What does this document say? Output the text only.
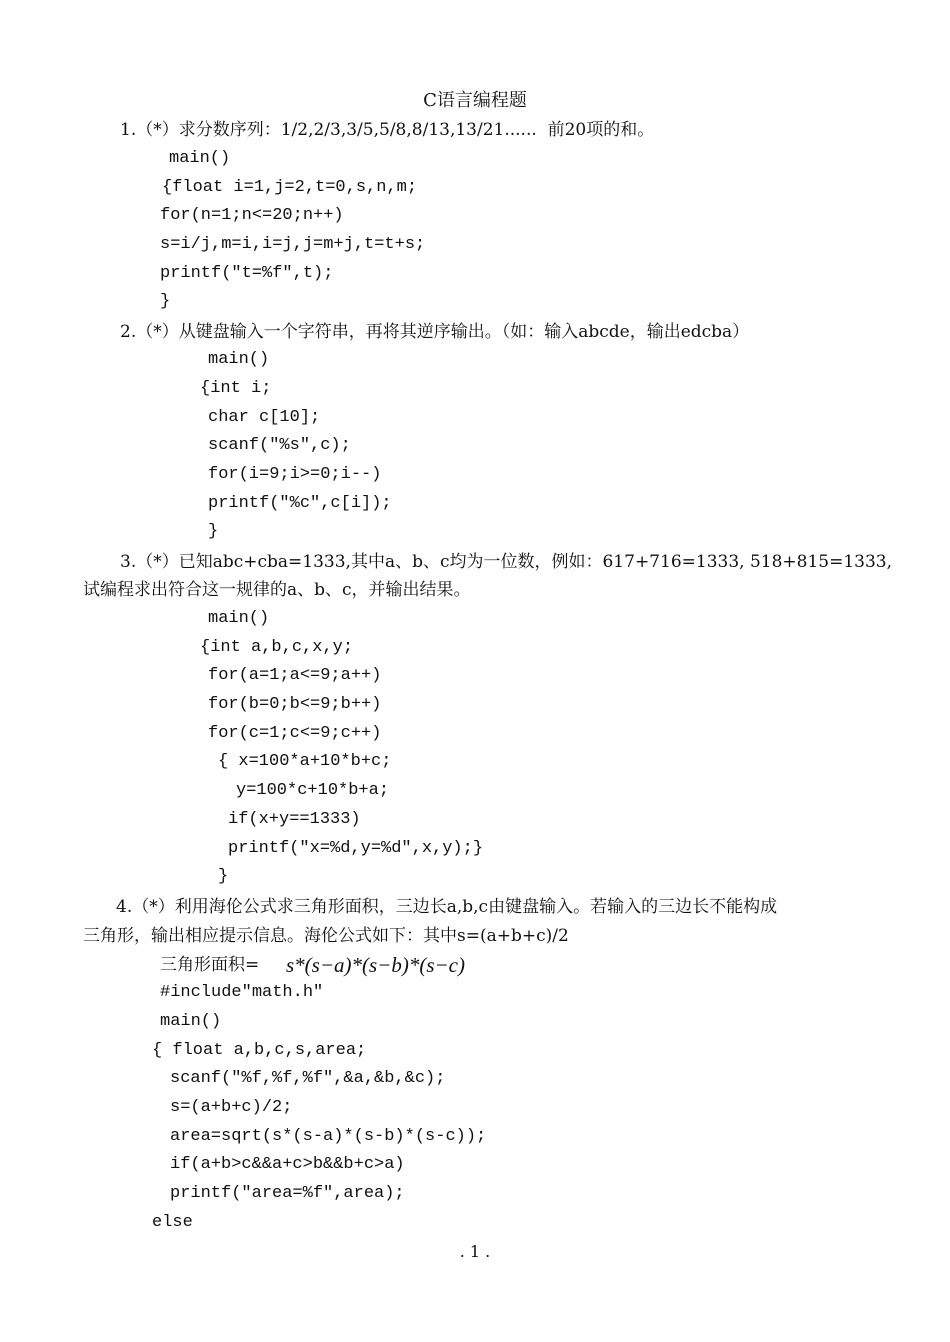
C语言编程题
1.（*）求分数序列：1/2,2/3,3/5,5/8,8/13,13/21......  前20项的和。
main()
{float i=1,j=2,t=0,s,n,m;
for(n=1;n<=20;n++)
s=i/j,m=i,i=j,j=m+j,t=t+s;
printf("t=%f",t);
}
2.（*）从键盘输入一个字符串，再将其逆序输出。（如：输入abcde，输出edcba）
main()
{int i;
char c[10];
scanf("%s",c);
for(i=9;i>=0;i--)
printf("%c",c[i]);
}
3.（*）已知abc+cba=1333,其中a、b、c均为一位数，例如：617+716=1333, 518+815=1333,
试编程求出符合这一规律的a、b、c，并输出结果。
main()
{int a,b,c,x,y;
for(a=1;a<=9;a++)
for(b=0;b<=9;b++)
for(c=1;c<=9;c++)
{ x=100*a+10*b+c;
y=100*c+10*b+a;
if(x+y==1333)
printf("x=%d,y=%d",x,y);}
}
4.（*）利用海伦公式求三角形面积，三边长a,b,c由键盘输入。若输入的三边长不能构成
三角形，输出相应提示信息。海伦公式如下：其中s=(a+b+c)/2
三角形面积= s*(s−a)*(s−b)*(s−c)
#include"math.h"
main()
{ float a,b,c,s,area;
scanf("%f,%f,%f",&a,&b,&c);
s=(a+b+c)/2;
area=sqrt(s*(s-a)*(s-b)*(s-c));
if(a+b>c&&a+c>b&&b+c>a)
printf("area=%f",area);
else
. 1 .
